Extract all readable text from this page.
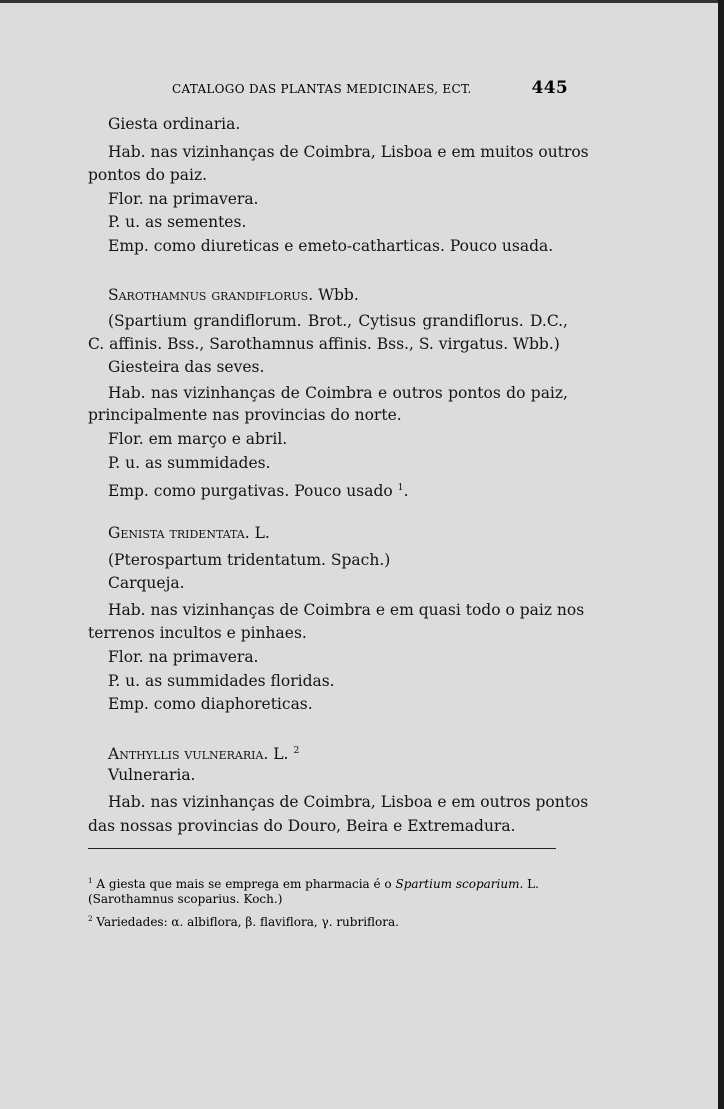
CATALOGO DAS PLANTAS MEDICINAES, ECT.	445
Giesta ordinaria.
Hab. nas vizinhanças de Coimbra, Lisboa e em muitos outros
pontos do paiz.
Flor. na primavera.
P. u. as sementes.
Emp. como diureticas e emeto-catharticas. Pouco usada.
Sarothamnus grandiflorus. Wbb.
(Spartium grandiflorum. Brot., Cytisus grandiflorus. D.C.,
C. affinis. Bss., Sarothamnus affinis. Bss., S. virgatus. Wbb.)
Giesteira das seves.
Hab. nas vizinhanças de Coimbra e outros pontos do paiz,
principalmente nas provincias do norte.
Flor. em março e abril.
P. u. as summidades.
Emp. como purgativas. Pouco usado $^1$.
Genista tridentata. L.
(Pterospartum tridentatum. Spach.)
Carqueja.
Hab. nas vizinhanças de Coimbra e em quasi todo o paiz nos
terrenos incultos e pinhaes.
Flor. na primavera.
P. u. as summidades floridas.
Emp. como diaphoreticas.
Anthyllis vulneraria. L. $^2$
Vulneraria.
Hab. nas vizinhanças de Coimbra, Lisboa e em outros pontos
das nossas provincias do Douro, Beira e Extremadura.
$^1$ A giesta que mais se emprega em pharmacia é o Spartium scoparium. L.
(Sarothamnus scoparius. Koch.)
$^2$ Variedades: α. albiflora, β. flaviflora, γ. rubriflora.
